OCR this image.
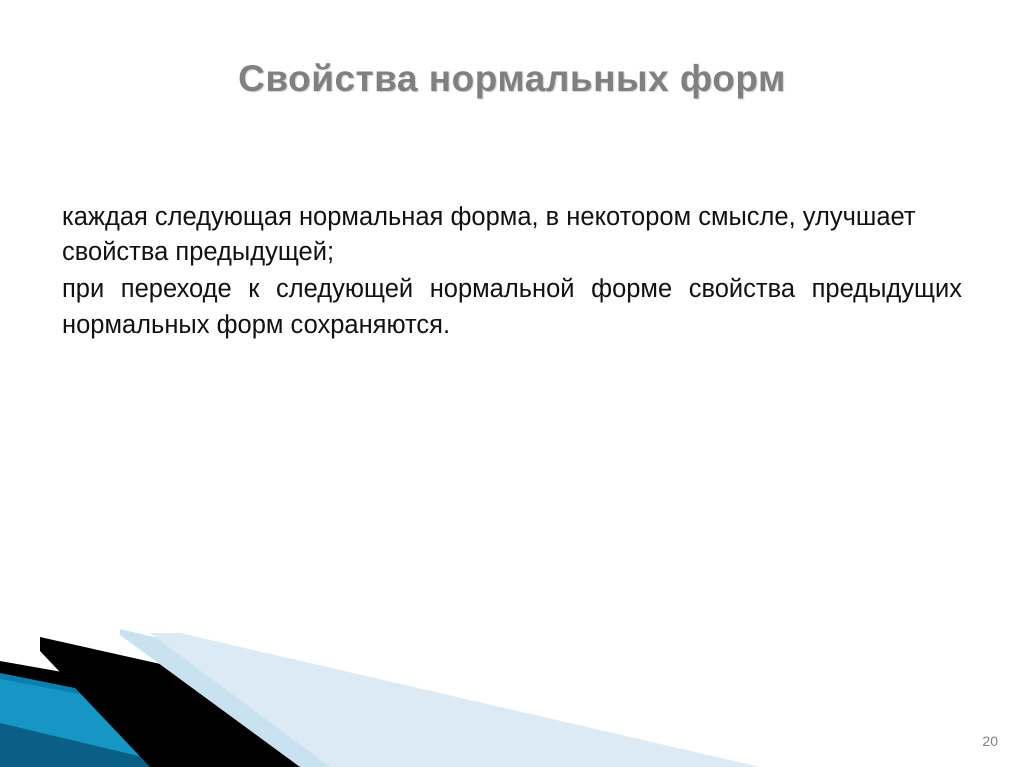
Свойства нормальных форм

каждая следующая нормальная форма, в некотором смысле, улучшает свойства предыдущей;

при переходе к следующей нормальной форме свойства предыдущих нормальных форм сохраняются.

20
